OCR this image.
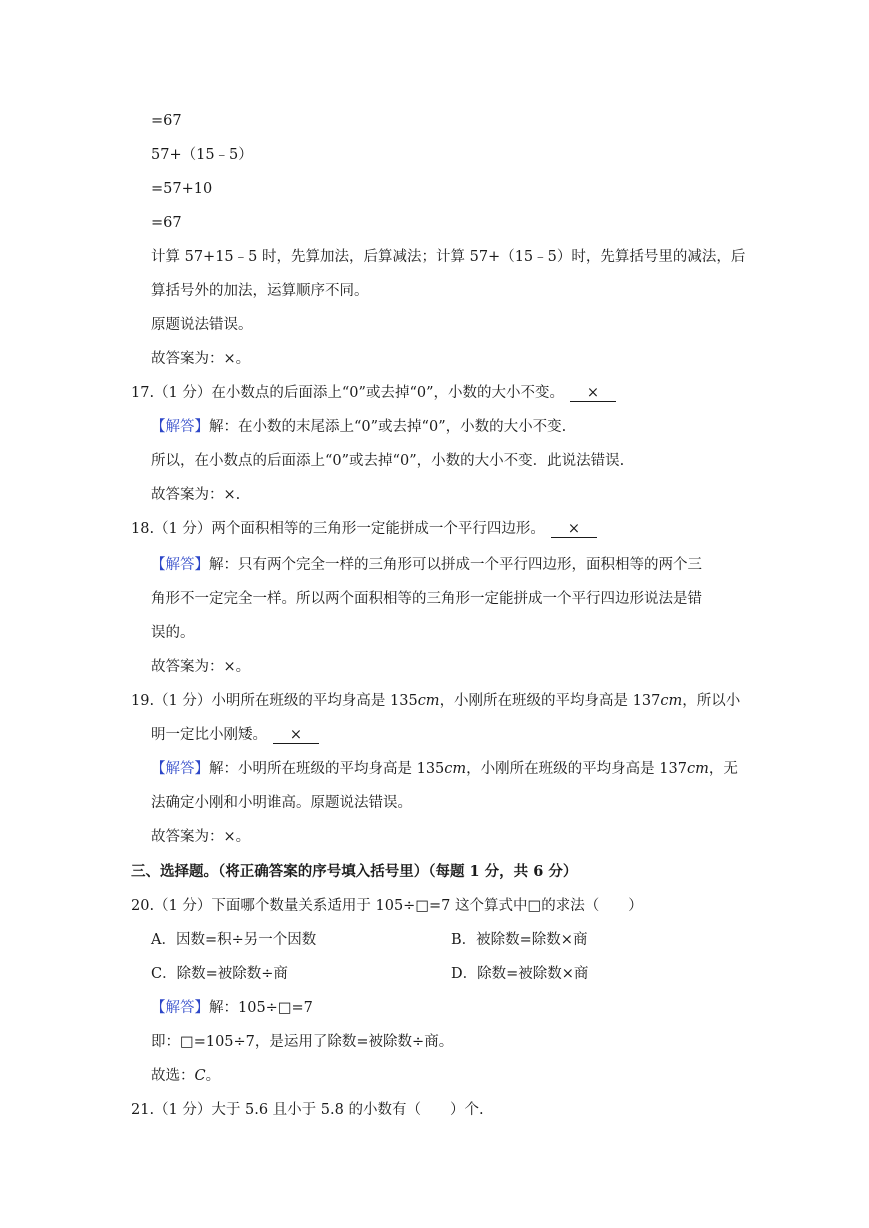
=67
57+（15﹣5）
=57+10
=67
计算 57+15﹣5 时，先算加法，后算减法；计算 57+（15﹣5）时，先算括号里的减法，后
算括号外的加法，运算顺序不同。
原题说法错误。
故答案为：×。
17.（1 分）在小数点的后面添上“0”或去掉“0”，小数的大小不变。 ×
【解答】解：在小数的末尾添上“0”或去掉“0”，小数的大小不变.
所以，在小数点的后面添上“0”或去掉“0”，小数的大小不变．此说法错误.
故答案为：×.
18.（1 分）两个面积相等的三角形一定能拼成一个平行四边形。 ×
【解答】解：只有两个完全一样的三角形可以拼成一个平行四边形，面积相等的两个三
角形不一定完全一样。所以两个面积相等的三角形一定能拼成一个平行四边形说法是错
误的。
故答案为：×。
19.（1 分）小明所在班级的平均身高是 135cm，小刚所在班级的平均身高是 137cm，所以小
明一定比小刚矮。 ×
【解答】解：小明所在班级的平均身高是 135cm，小刚所在班级的平均身高是 137cm，无
法确定小刚和小明谁高。原题说法错误。
故答案为：×。
三、选择题。（将正确答案的序号填入括号里）（每题 1 分，共 6 分）
20.（1 分）下面哪个数量关系适用于 105÷□=7 这个算式中□的求法（　　）
A．因数=积÷另一个因数	B．被除数=除数×商
C．除数=被除数÷商	D．除数=被除数×商
【解答】解：105÷□=7
即：□=105÷7，是运用了除数=被除数÷商。
故选：C。
21.（1 分）大于 5.6 且小于 5.8 的小数有（　　）个.
